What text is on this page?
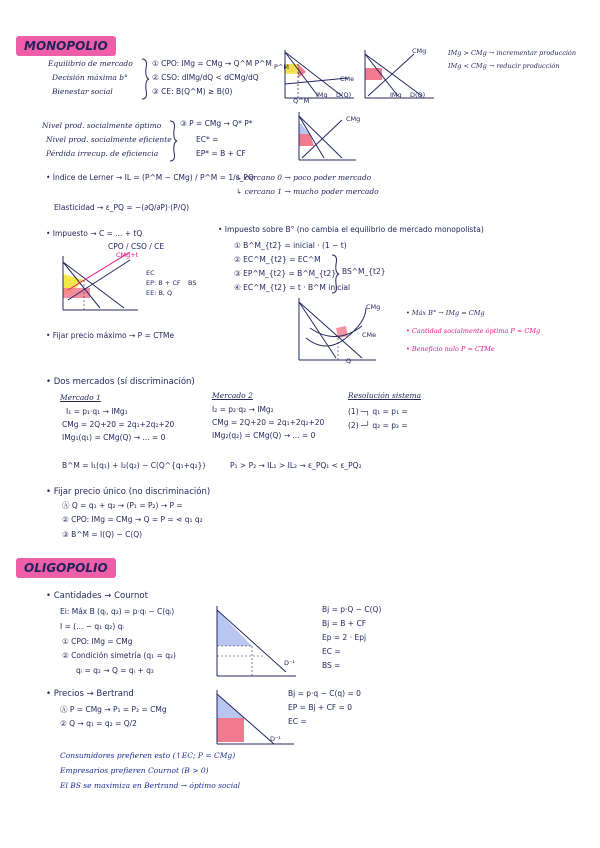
MONOPOLIO
Equilibrio de mercado
Decisión máxima b°
Bienestar social
① CPO: IMg = CMg → Q^M P^M
② CSO: dIMg/dQ < dCMg/dQ
③ CE: B(Q^M) ≥ B(0)
P^M
CMe
Q^M
IMg D(Q)
CMg
IMg D(Q)
IMg > CMg → incrementar producción
IMg < CMg → reducir producción
Nivel prod. socialmente óptimo
Nivel prod. socialmente eficiente
Pérdida irrecup. de eficiencia
③ P = CMg → Q* P*
EC* =
EP* = B + CF
CMg
• Índice de Lerner → IL = (P^M − CMg) / P^M = 1/ε_PQ
↳ cercano 0 → poco poder mercado
↳ cercano 1 → mucho poder mercado
Elasticidad → ε_PQ = −(∂Q/∂P)·(P/Q)
• Impuesto → C = ... + tQ
CPO / CSO / CE
CMg+t
EC
EP: B + CF
EE: B, Q
BS
• Impuesto sobre B° (no cambia el equilibrio de mercado monopolista)
① B^M_{t2} = inicial · (1 − t)
② EC^M_{t2} = EC^M
③ EP^M_{t2} = B^M_{t2}
④ EC^M_{t2} = t · B^M inicial
BS^M_{t2}
• Fijar precio máximo → P = CTMe
CMg
CMe
Q
• Máx B° → IMg = CMg
• Cantidad socialmente óptima P = CMg
• Beneficio nulo P = CTMe
• Dos mercados (sí discriminación)
Mercado 1
I₁ = p₁·q₁ → IMg₁
CMg = 2Q+20 = 2q₁+2q₂+20
IMg₁(q₁) = CMg(Q) → ... = 0
Mercado 2
I₂ = p₂·q₂ → IMg₂
CMg = 2Q+20 = 2q₁+2q₂+20
IMg₂(q₂) = CMg(Q) → ... = 0
Resolución sistema
(1) ─┐ q₁ = p₁ =
(2) ─┘ q₂ = p₂ =
B^M = I₁(q₁) + I₂(q₂) − C(Q^{q₁+q₂})	P₁ > P₂ → IL₁ > IL₂ → ε_PQ₁ < ε_PQ₂
• Fijar precio único (no discriminación)
Ⓐ Q = q₁ + q₂ → (P₁ = P₂) → P =
② CPO: IMg = CMg → Q = P = ⋖ q₁ q₂
③ B^M = I(Q) − C(Q)
OLIGOPOLIO
• Cantidades → Cournot
Ei: Máx B (qᵢ, q₂) = p·qᵢ − C(qᵢ)
I = (... − q₁ q₂) qᵢ
① CPO: IMg = CMg
② Condición simetría (q₁ = q₂)
qᵢ = q₂ → Q = qᵢ + q₂
D⁻¹
Bj = p·Q − C(Q)
Bj = B + CF
Ep = 2 · Epj
EC =
BS =
• Precios → Bertrand
Ⓐ P = CMg → P₁ = P₂ = CMg
② Q → q₁ = q₂ = Q/2
D⁻¹
Bj = p·q − C(q) = 0
EP = Bj + CF = 0
EC =
Consumidores prefieren esto (↑EC; P = CMg)
Empresarios prefieren Cournot (B > 0)
El BS se maximiza en Bertrand → óptimo social
